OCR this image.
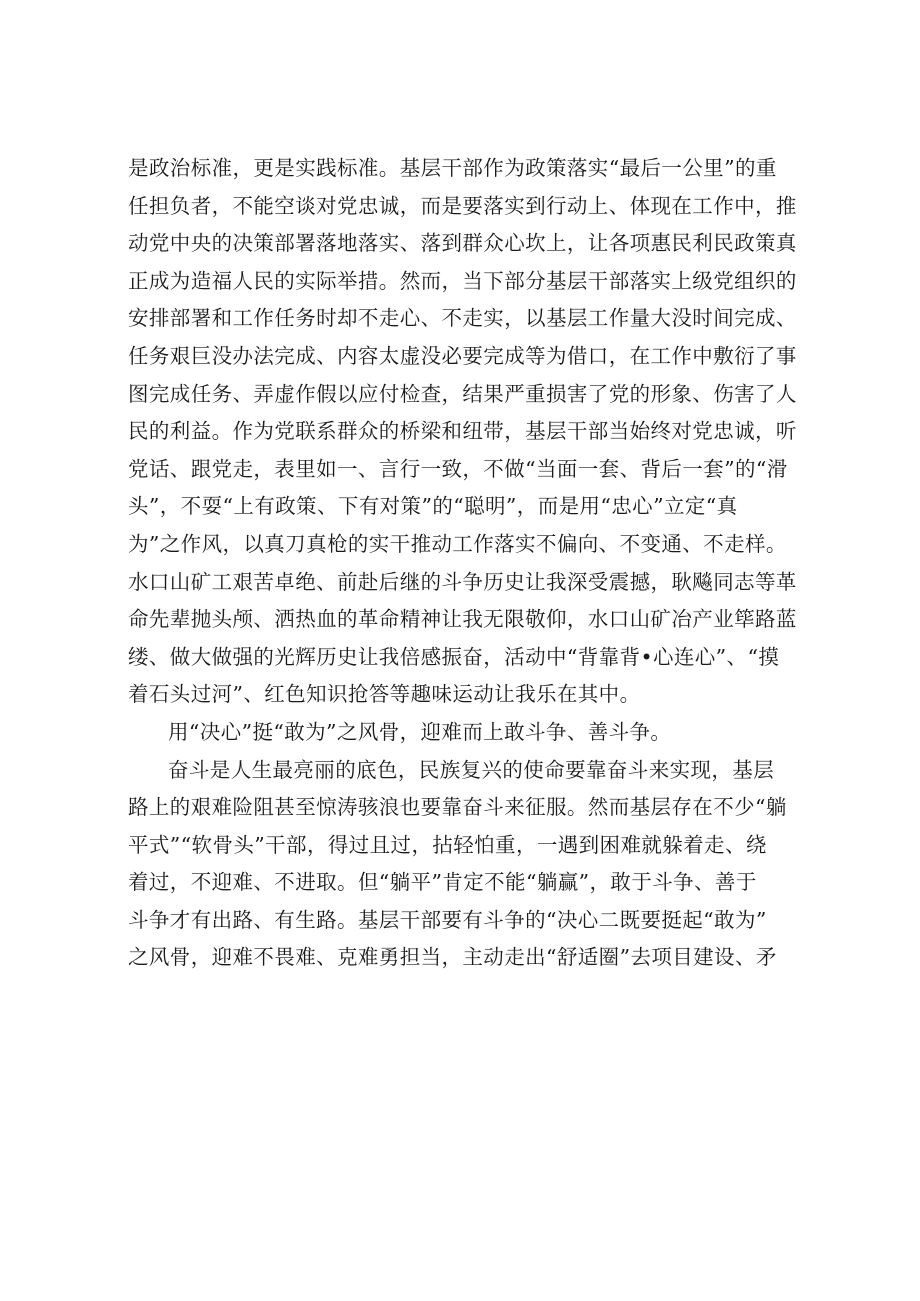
是政治标准，更是实践标准。基层干部作为政策落实“最后一公里”的重
任担负者，不能空谈对党忠诚，而是要落实到行动上、体现在工作中，推
动党中央的决策部署落地落实、落到群众心坎上，让各项惠民利民政策真
正成为造福人民的实际举措。然而，当下部分基层干部落实上级党组织的
安排部署和工作任务时却不走心、不走实，以基层工作量大没时间完成、
任务艰巨没办法完成、内容太虚没必要完成等为借口，在工作中敷衍了事
图完成任务、弄虚作假以应付检查，结果严重损害了党的形象、伤害了人
民的利益。作为党联系群众的桥梁和纽带，基层干部当始终对党忠诚，听
党话、跟党走，表里如一、言行一致，不做“当面一套、背后一套”的“滑
头”，不耍“上有政策、下有对策”的“聪明”，而是用“忠心”立定“真
为”之作风，以真刀真枪的实干推动工作落实不偏向、不变通、不走样。
水口山矿工艰苦卓绝、前赴后继的斗争历史让我深受震撼，耿飚同志等革
命先辈抛头颅、洒热血的革命精神让我无限敬仰，水口山矿冶产业筚路蓝
缕、做大做强的光辉历史让我倍感振奋，活动中“背靠背•心连心”、“摸
着石头过河”、红色知识抢答等趣味运动让我乐在其中。
用“决心”挺“敢为”之风骨，迎难而上敢斗争、善斗争。
奋斗是人生最亮丽的底色，民族复兴的使命要靠奋斗来实现，基层
路上的艰难险阻甚至惊涛骇浪也要靠奋斗来征服。然而基层存在不少“躺
平式”“软骨头”干部，得过且过，拈轻怕重，一遇到困难就躲着走、绕
着过，不迎难、不进取。但“躺平”肯定不能“躺赢”，敢于斗争、善于
斗争才有出路、有生路。基层干部要有斗争的“决心二既要挺起“敢为”
之风骨，迎难不畏难、克难勇担当，主动走出“舒适圈”去项目建设、矛
